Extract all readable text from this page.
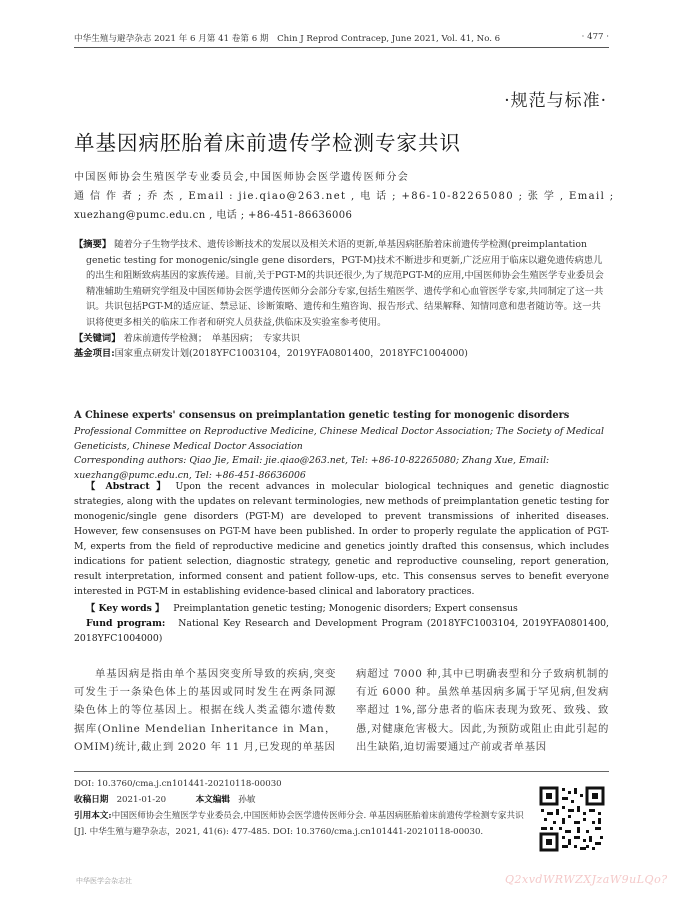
中华生殖与避孕杂志 2021 年 6 月第 41 卷第 6 期　Chin J Reprod Contracep, June 2021, Vol. 41, No. 6	· 477 ·
·规范与标准·
单基因病胚胎着床前遗传学检测专家共识
中国医师协会生殖医学专业委员会,中国医师协会医学遗传医师分会
通 信 作 者 ; 乔 杰 , Email : jie.qiao@263.net , 电 话 ; +86-10-82265080 ; 张 学 , Email ;
xuezhang@pumc.edu.cn , 电话 ; +86-451-86636006
【摘要】 随着分子生物学技术、遗传诊断技术的发展以及相关术语的更新,单基因病胚胎着床前遗传学检测(preimplantation genetic testing for monogenic/single gene disorders，PGT-M)技术不断进步和更新,广泛应用于临床以避免遗传病患儿的出生和阻断致病基因的家族传递。目前,关于PGT-M的共识还很少,为了规范PGT-M的应用,中国医师协会生殖医学专业委员会精准辅助生殖研究学组及中国医师协会医学遗传医师分会部分专家,包括生殖医学、遗传学和心血管医学专家,共同制定了这一共识。共识包括PGT-M的适应证、禁忌证、诊断策略、遗传和生殖咨询、报告形式、结果解释、知情同意和患者随访等。这一共识将使更多相关的临床工作者和研究人员获益,供临床及实验室参考使用。
【关键词】 着床前遗传学检测；　单基因病；　专家共识
基金项目:国家重点研发计划(2018YFC1003104，2019YFA0801400，2018YFC1004000)
A Chinese experts' consensus on preimplantation genetic testing for monogenic disorders
Professional Committee on Reproductive Medicine, Chinese Medical Doctor Association; The Society of Medical Geneticists, Chinese Medical Doctor Association
Corresponding authors: Qiao Jie, Email: jie.qiao@263.net, Tel: +86-10-82265080; Zhang Xue, Email: xuezhang@pumc.edu.cn, Tel: +86-451-86636006
【 Abstract 】 Upon the recent advances in molecular biological techniques and genetic diagnostic strategies, along with the updates on relevant terminologies, new methods of preimplantation genetic testing for monogenic/single gene disorders (PGT-M) are developed to prevent transmissions of inherited diseases. However, few consensuses on PGT-M have been published. In order to properly regulate the application of PGT-M, experts from the field of reproductive medicine and genetics jointly drafted this consensus, which includes indications for patient selection, diagnostic strategy, genetic and reproductive counseling, report generation, result interpretation, informed consent and patient follow-ups, etc. This consensus serves to benefit everyone interested in PGT-M in establishing evidence-based clinical and laboratory practices.
【 Key words 】 Preimplantation genetic testing; Monogenic disorders; Expert consensus
Fund program: National Key Research and Development Program (2018YFC1003104, 2019YFA0801400, 2018YFC1004000)
单基因病是指由单个基因突变所导致的疾病,突变可发生于一条染色体上的基因或同时发生在两条同源染色体上的等位基因上。根据在线人类孟德尔遗传数据库(Online Mendelian Inheritance in Man，OMIM)统计,截止到 2020 年 11 月,已发现的单基因
病超过 7000 种,其中已明确表型和分子致病机制的有近 6000 种。虽然单基因病多属于罕见病,但发病率超过 1%,部分患者的临床表现为致死、致残、致愚,对健康危害极大。因此,为预防或阻止由此引起的出生缺陷,迫切需要通过产前或者单基因
DOI: 10.3760/cma.j.cn101441-20210118-00030
收稿日期 2021-01-20	本文编辑 孙敏
引用本文:中国医师协会生殖医学专业委员会,中国医师协会医学遗传医师分会. 单基因病胚胎着床前遗传学检测专家共识[J]. 中华生殖与避孕杂志，2021, 41(6): 477-485. DOI: 10.3760/cma.j.cn101441-20210118-00030.
中华医学会杂志社	Q2xvdWRWZXJzaW9uLQo?
